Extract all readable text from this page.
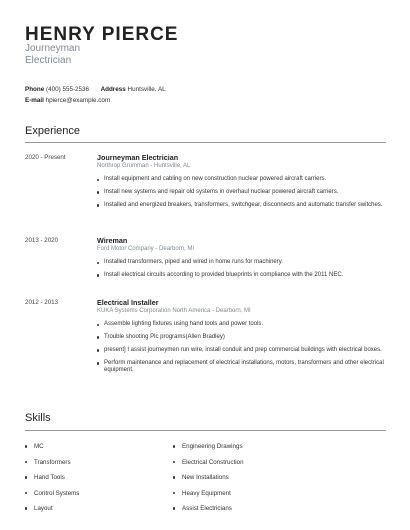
HENRY PIERCE
Journeyman
Electrician
Phone (400) 555-2536 Address Huntsville, AL
E-mail hpierce@example.com
Experience
2020 - Present	Journeyman Electrician
Northrop Grumman - Huntsville, AL
Install equipment and cabling on new construction nuclear powered aircraft carriers.
Install new systems and repair old systems in overhaul nuclear powered aircraft carriers.
Installed and energized breakers, transformers, switchgear, disconnects and automatic transfer switches.
2013 - 2020	Wireman
Ford Motor Company - Dearborn, MI
Installed transformers, piped and wired in home runs for machinery.
Install electrical circuits according to provided blueprints in compliance with the 2011 NEC.
2012 - 2013	Electrical Installer
KUKA Systems Corporation North America - Dearborn, MI
Assemble lighting fixtures using hand tools and power tools.
Trouble shooting Plc programs(Allen Bradley)
present] I assist journeymen run wire, install conduit and prep commercial buildings with electrical boxes.
Perform maintenance and replacement of electrical installations, motors, transformers and other electrical equipment.
Skills
MC
Transformers
Hand Tools
Control Systems
Layout
Engineering Drawings
Electrical Construction
New Installations
Heavy Equipment
Assist Electricians
